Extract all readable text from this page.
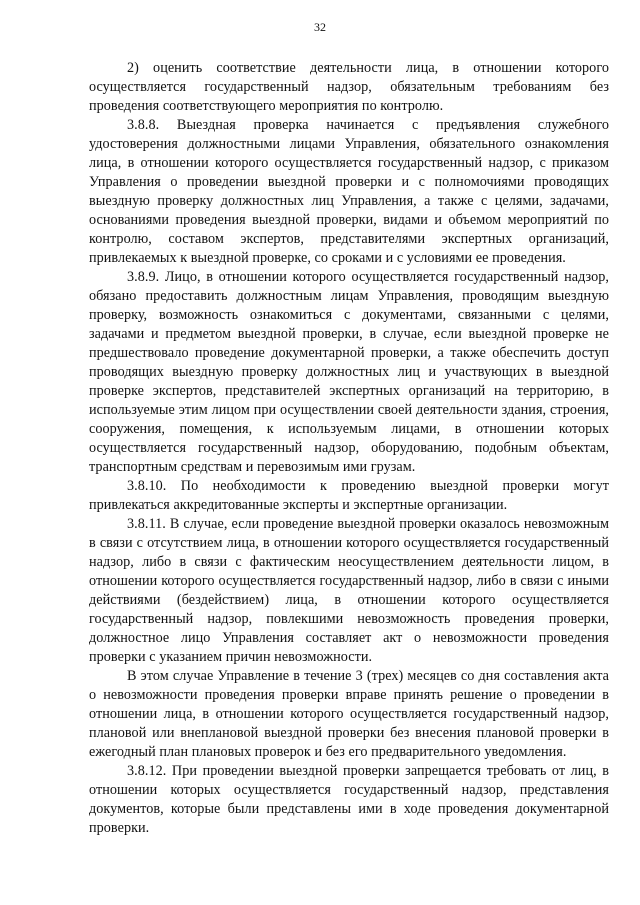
32

2) оценить соответствие деятельности лица, в отношении которого осуществляется государственный надзор, обязательным требованиям без проведения соответствующего мероприятия по контролю.

3.8.8. Выездная проверка начинается с предъявления служебного удостоверения должностными лицами Управления, обязательного ознакомления лица, в отношении которого осуществляется государственный надзор, с приказом Управления о проведении выездной проверки и с полномочиями проводящих выездную проверку должностных лиц Управления, а также с целями, задачами, основаниями проведения выездной проверки, видами и объемом мероприятий по контролю, составом экспертов, представителями экспертных организаций, привлекаемых к выездной проверке, со сроками и с условиями ее проведения.

3.8.9. Лицо, в отношении которого осуществляется государственный надзор, обязано предоставить должностным лицам Управления, проводящим выездную проверку, возможность ознакомиться с документами, связанными с целями, задачами и предметом выездной проверки, в случае, если выездной проверке не предшествовало проведение документарной проверки, а также обеспечить доступ проводящих выездную проверку должностных лиц и участвующих в выездной проверке экспертов, представителей экспертных организаций на территорию, в используемые этим лицом при осуществлении своей деятельности здания, строения, сооружения, помещения, к используемым лицами, в отношении которых осуществляется государственный надзор, оборудованию, подобным объектам, транспортным средствам и перевозимым ими грузам.

3.8.10. По необходимости к проведению выездной проверки могут привлекаться аккредитованные эксперты и экспертные организации.

3.8.11. В случае, если проведение выездной проверки оказалось невозможным в связи с отсутствием лица, в отношении которого осуществляется государственный надзор, либо в связи с фактическим неосуществлением деятельности лицом, в отношении которого осуществляется государственный надзор, либо в связи с иными действиями (бездействием) лица, в отношении которого осуществляется государственный надзор, повлекшими невозможность проведения проверки, должностное лицо Управления составляет акт о невозможности проведения проверки с указанием причин невозможности.

В этом случае Управление в течение 3 (трех) месяцев со дня составления акта о невозможности проведения проверки вправе принять решение о проведении в отношении лица, в отношении которого осуществляется государственный надзор, плановой или внеплановой выездной проверки без внесения плановой проверки в ежегодный план плановых проверок и без его предварительного уведомления.

3.8.12. При проведении выездной проверки запрещается требовать от лиц, в отношении которых осуществляется государственный надзор, представления документов, которые были представлены ими в ходе проведения документарной проверки.
